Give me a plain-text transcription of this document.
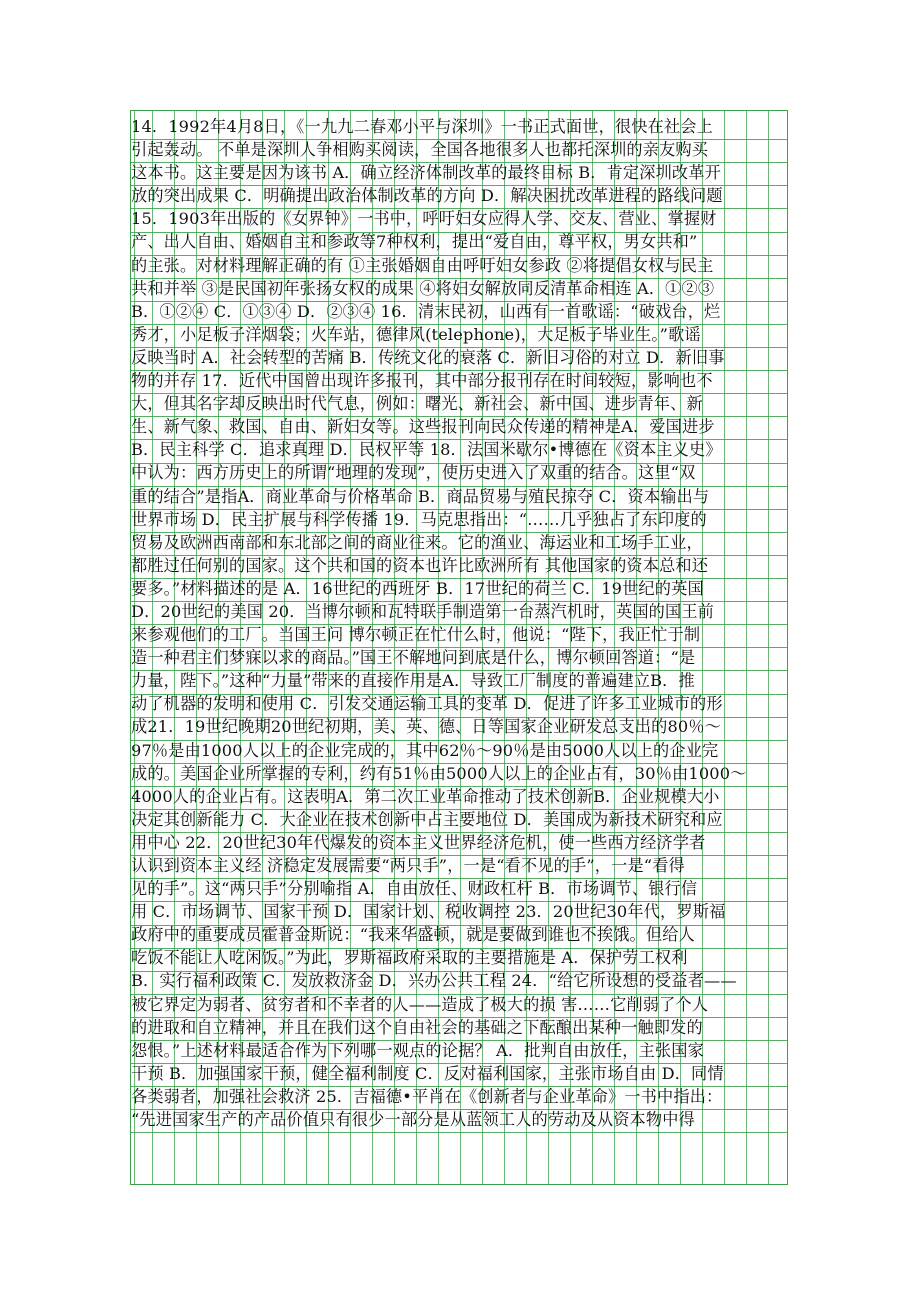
14．1992年4月8日，《一九九二春邓小平与深圳》一书正式面世，很快在社会上

引起轰动。 不单是深圳人争相购买阅读，全国各地很多人也都托深圳的亲友购买

这本书。这主要是因为该书 A．确立经济体制改革的最终目标 B．肯定深圳改革开

放的突出成果 C．明确提出政治体制改革的方向 D．解决困扰改革进程的路线问题

15．1903年出版的《女界钟》一书中，呼吁妇女应得人学、交友、营业、掌握财

产、出人自由、婚姻自主和参政等7种权利，提出“爱自由，尊平权，男女共和”

的主张。对材料理解正确的有 ①主张婚姻自由呼吁妇女参政 ②将提倡女权与民主

共和并举 ③是民国初年张扬女权的成果 ④将妇女解放同反清革命相连 A．①②③

B．①②④ C．①③④ D．②③④ 16．清末民初，山西有一首歌谣：“破戏台，烂

秀才，小足板子洋烟袋；火车站，德律风(telephone)，大足板子毕业生。”歌谣

反映当时 A．社会转型的苦痛 B．传统文化的衰落 C．新旧习俗的对立 D．新旧事

物的并存 17．近代中国曾出现许多报刊，其中部分报刊存在时间较短，影响也不

大，但其名字却反映出时代气息，例如：曙光、新社会、新中国、进步青年、新

生、新气象、救国、自由、新妇女等。这些报刊向民众传递的精神是A．爱国进步

B．民主科学 C．追求真理 D．民权平等 18．法国米歇尔•博德在《资本主义史》

中认为：西方历史上的所谓“地理的发现”，使历史进入了双重的结合。这里“双

重的结合”是指A．商业革命与价格革命 B．商品贸易与殖民掠夺 C．资本输出与

世界市场 D．民主扩展与科学传播 19．马克思指出：“……几乎独占了东印度的

贸易及欧洲西南部和东北部之间的商业往来。它的渔业、海运业和工场手工业，

都胜过任何别的国家。这个共和国的资本也许比欧洲所有 其他国家的资本总和还

要多。”材料描述的是 A．16世纪的西班牙 B．17世纪的荷兰 C．19世纪的英国

D．20世纪的美国 20．当博尔顿和瓦特联手制造第一台蒸汽机时，英国的国王前

来参观他们的工厂。当国王问 博尔顿正在忙什么时，他说：“陛下，我正忙于制

造一种君主们梦寐以求的商品。”国王不解地问到底是什么，博尔顿回答道：“是

力量，陛下。”这种“力量”带来的直接作用是A．导致工厂制度的普遍建立B．推

动了机器的发明和使用 C．引发交通运输工具的变革 D．促进了许多工业城市的形

成21．19世纪晚期20世纪初期，美、英、德、日等国家企业研发总支出的80％～

97％是由1000人以上的企业完成的，其中62％～90％是由5000人以上的企业完

成的。美国企业所掌握的专利，约有51％由5000人以上的企业占有，30％由1000～

4000人的企业占有。这表明A．第二次工业革命推动了技术创新B．企业规模大小

决定其创新能力 C．大企业在技术创新中占主要地位 D．美国成为新技术研究和应

用中心 22．20世纪30年代爆发的资本主义世界经济危机，使一些西方经济学者

认识到资本主义经 济稳定发展需要“两只手”，一是“看不见的手”，一是“看得

见的手”。这“两只手”分别喻指 A．自由放任、财政杠杆 B．市场调节、银行信

用 C．市场调节、国家干预 D．国家计划、税收调控 23．20世纪30年代，罗斯福

政府中的重要成员霍普金斯说：“我来华盛顿，就是要做到谁也不挨饿。但给人

吃饭不能让人吃闲饭。”为此，罗斯福政府采取的主要措施是 A．保护劳工权利

B．实行福利政策 C．发放救济金 D．兴办公共工程 24．“给它所设想的受益者——

被它界定为弱者、贫穷者和不幸者的人——造成了极大的损 害……它削弱了个人

的进取和自立精神，并且在我们这个自由社会的基础之下酝酿出某种一触即发的

怨恨。”上述材料最适合作为下列哪一观点的论据？ A．批判自由放任，主张国家

干预 B．加强国家干预，健全福利制度 C．反对福利国家，主张市场自由 D．同情

各类弱者，加强社会救济 25．吉福德•平肖在《创新者与企业革命》一书中指出：

“先进国家生产的产品价值只有很少一部分是从蓝领工人的劳动及从资本物中得
